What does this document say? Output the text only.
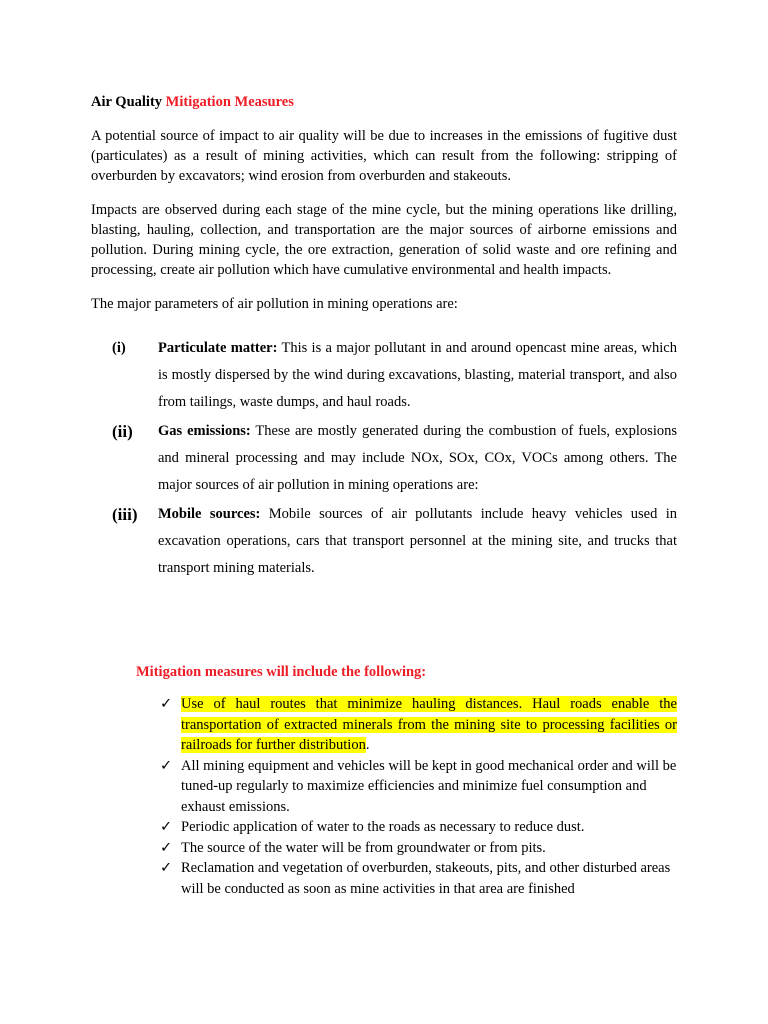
Air Quality Mitigation Measures

A potential source of impact to air quality will be due to increases in the emissions of fugitive dust (particulates) as a result of mining activities, which can result from the following: stripping of overburden by excavators; wind erosion from overburden and stakeouts.

Impacts are observed during each stage of the mine cycle, but the mining operations like drilling, blasting, hauling, collection, and transportation are the major sources of airborne emissions and pollution. During mining cycle, the ore extraction, generation of solid waste and ore refining and processing, create air pollution which have cumulative environmental and health impacts.

The major parameters of air pollution in mining operations are:

(i)	Particulate matter: This is a major pollutant in and around opencast mine areas, which is mostly dispersed by the wind during excavations, blasting, material transport, and also from tailings, waste dumps, and haul roads.
(ii)	Gas emissions: These are mostly generated during the combustion of fuels, explosions and mineral processing and may include NOx, SOx, COx, VOCs among others. The major sources of air pollution in mining operations are:
(iii)	Mobile sources: Mobile sources of air pollutants include heavy vehicles used in excavation operations, cars that transport personnel at the mining site, and trucks that transport mining materials.
Mitigation measures will include the following:
✓ Use of haul routes that minimize hauling distances. Haul roads enable the transportation of extracted minerals from the mining site to processing facilities or railroads for further distribution.
✓ All mining equipment and vehicles will be kept in good mechanical order and will be tuned-up regularly to maximize efficiencies and minimize fuel consumption and exhaust emissions.
✓ Periodic application of water to the roads as necessary to reduce dust.
✓ The source of the water will be from groundwater or from pits.
✓ Reclamation and vegetation of overburden, stakeouts, pits, and other disturbed areas will be conducted as soon as mine activities in that area are finished
